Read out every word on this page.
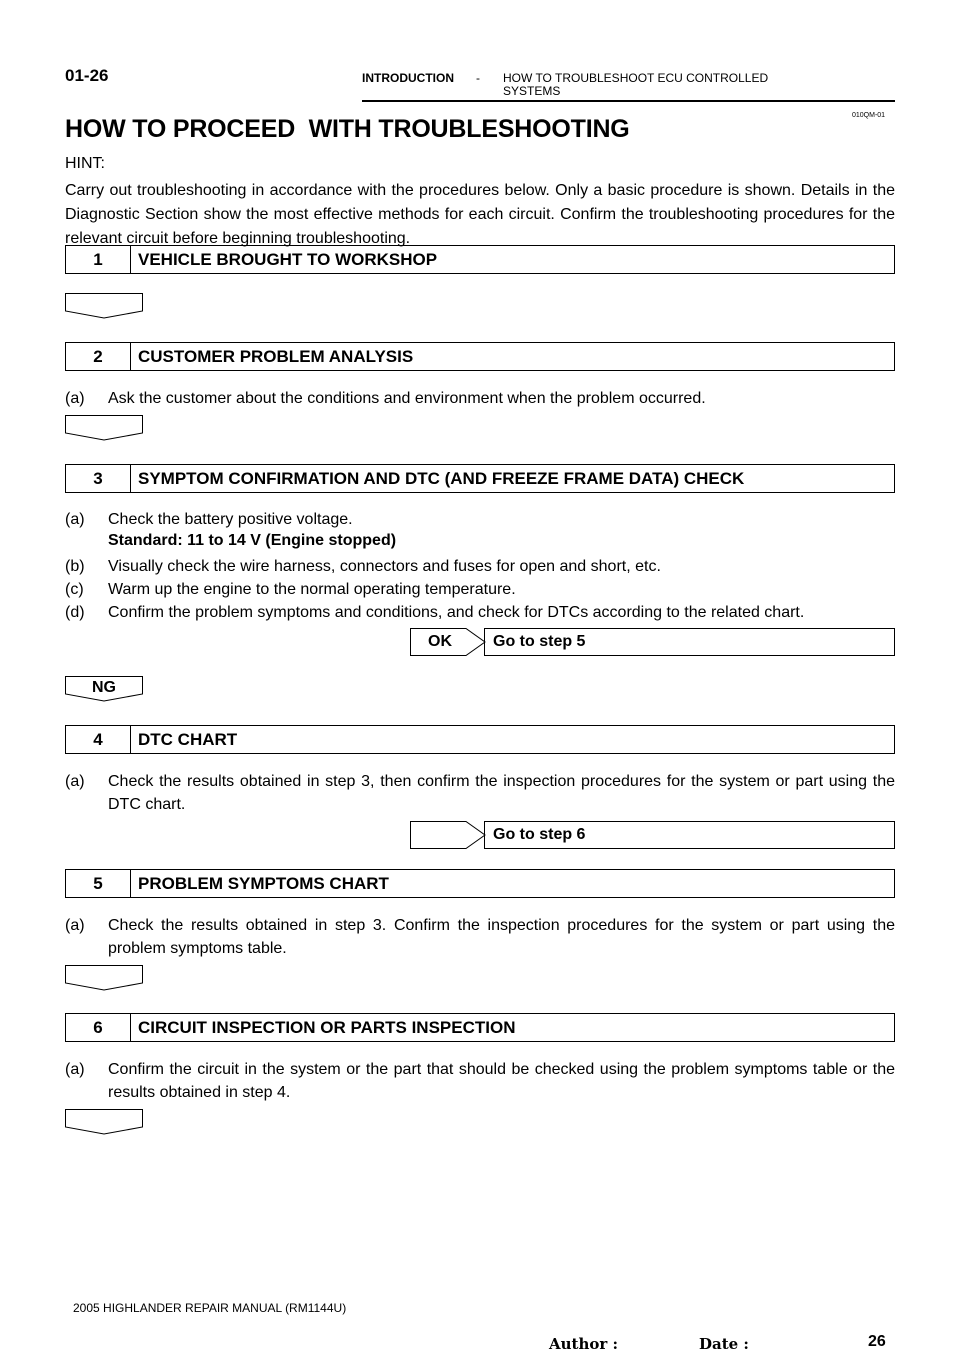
01-26	INTRODUCTION - HOW TO TROUBLESHOOT ECU CONTROLLED
SYSTEMS
010QM-01
HOW TO PROCEED  WITH TROUBLESHOOTING
HINT:
Carry out troubleshooting in accordance with the procedures below. Only a basic procedure is shown. Details in the Diagnostic Section show the most effective methods for each circuit. Confirm the troubleshooting procedures for the relevant circuit before beginning troubleshooting.
1	VEHICLE BROUGHT TO WORKSHOP
2	CUSTOMER PROBLEM ANALYSIS
(a) Ask the customer about the conditions and environment when the problem occurred.
3	SYMPTOM CONFIRMATION AND DTC (AND FREEZE FRAME DATA) CHECK
(a) Check the battery positive voltage.
Standard: 11 to 14 V (Engine stopped)
(b) Visually check the wire harness, connectors and fuses for open and short, etc.
(c) Warm up the engine to the normal operating temperature.
(d) Confirm the problem symptoms and conditions, and check for DTCs according to the related chart.
OK	Go to step 5
NG
4	DTC CHART
(a) Check the results obtained in step 3, then confirm the inspection procedures for the system or part using the DTC chart.
Go to step 6
5	PROBLEM SYMPTOMS CHART
(a) Check the results obtained in step 3. Confirm the inspection procedures for the system or part using the problem symptoms table.
6	CIRCUIT INSPECTION OR PARTS INSPECTION
(a) Confirm the circuit in the system or the part that should be checked using the problem symptoms table or the results obtained in step 4.
2005 HIGHLANDER REPAIR MANUAL (RM1144U)
Author :	Date :	26
